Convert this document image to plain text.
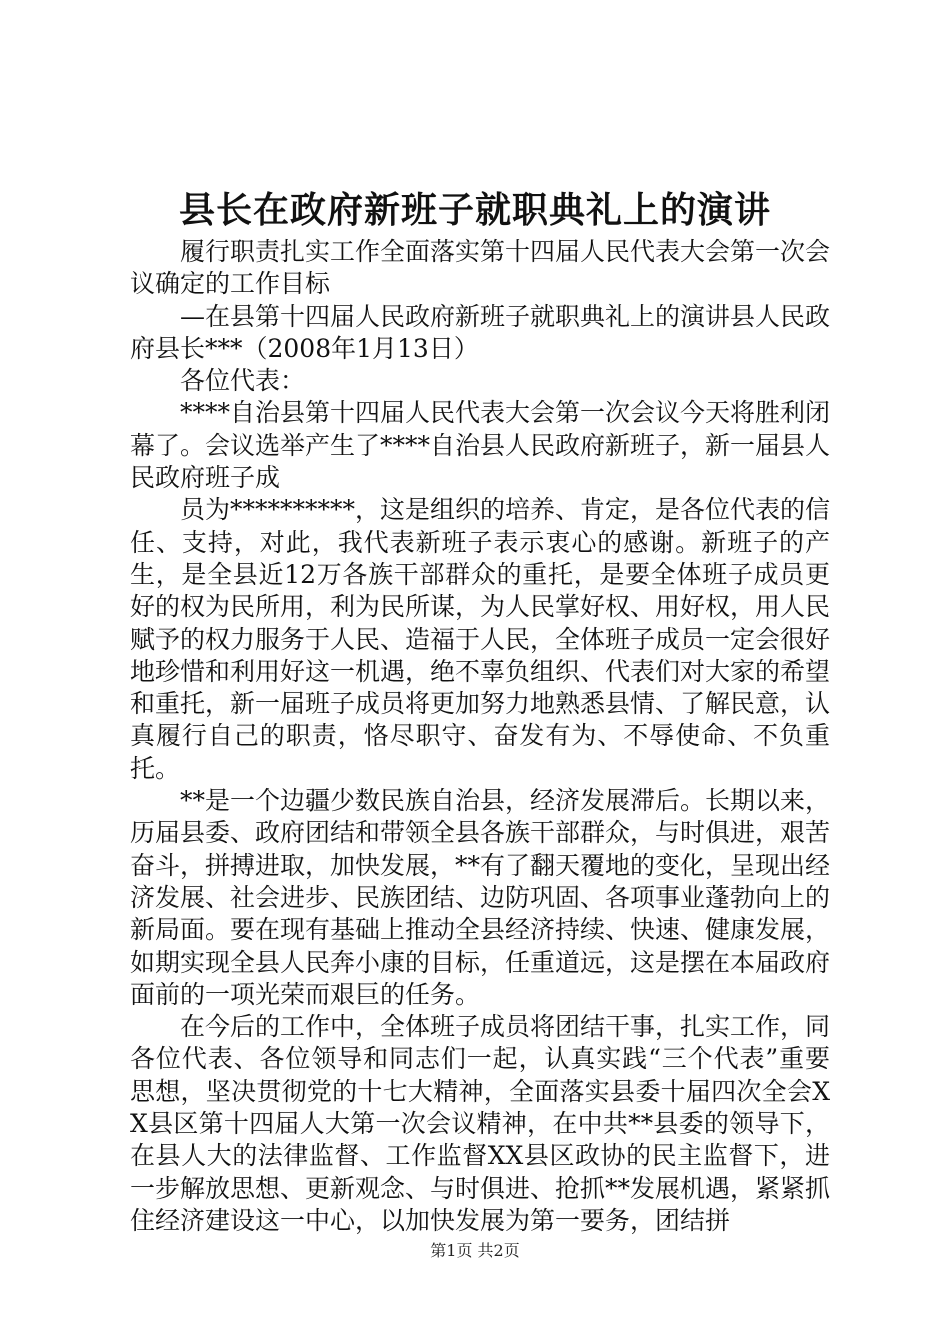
县长在政府新班子就职典礼上的演讲

履行职责扎实工作全面落实第十四届人民代表大会第一次会议确定的工作目标

—在县第十四届人民政府新班子就职典礼上的演讲县人民政府县长***（2008年1月13日）

各位代表：

****自治县第十四届人民代表大会第一次会议今天将胜利闭幕了。会议选举产生了****自治县人民政府新班子，新一届县人民政府班子成

员为**********，这是组织的培养、肯定，是各位代表的信任、支持，对此，我代表新班子表示衷心的感谢。新班子的产生，是全县近12万各族干部群众的重托，是要全体班子成员更好的权为民所用，利为民所谋，为人民掌好权、用好权，用人民赋予的权力服务于人民、造福于人民，全体班子成员一定会很好地珍惜和利用好这一机遇，绝不辜负组织、代表们对大家的希望和重托，新一届班子成员将更加努力地熟悉县情、了解民意，认真履行自己的职责，恪尽职守、奋发有为、不辱使命、不负重托。

**是一个边疆少数民族自治县，经济发展滞后。长期以来，历届县委、政府团结和带领全县各族干部群众，与时俱进，艰苦奋斗，拼搏进取，加快发展，**有了翻天覆地的变化，呈现出经济发展、社会进步、民族团结、边防巩固、各项事业蓬勃向上的新局面。要在现有基础上推动全县经济持续、快速、健康发展，如期实现全县人民奔小康的目标，任重道远，这是摆在本届政府面前的一项光荣而艰巨的任务。

在今后的工作中，全体班子成员将团结干事，扎实工作，同各位代表、各位领导和同志们一起，认真实践“三个代表”重要思想，坚决贯彻党的十七大精神，全面落实县委十届四次全会XX县区第十四届人大第一次会议精神，在中共**县委的领导下，在县人大的法律监督、工作监督XX县区政协的民主监督下，进一步解放思想、更新观念、与时俱进、抢抓**发展机遇，紧紧抓住经济建设这一中心，以加快发展为第一要务，团结拼

第1页 共2页
